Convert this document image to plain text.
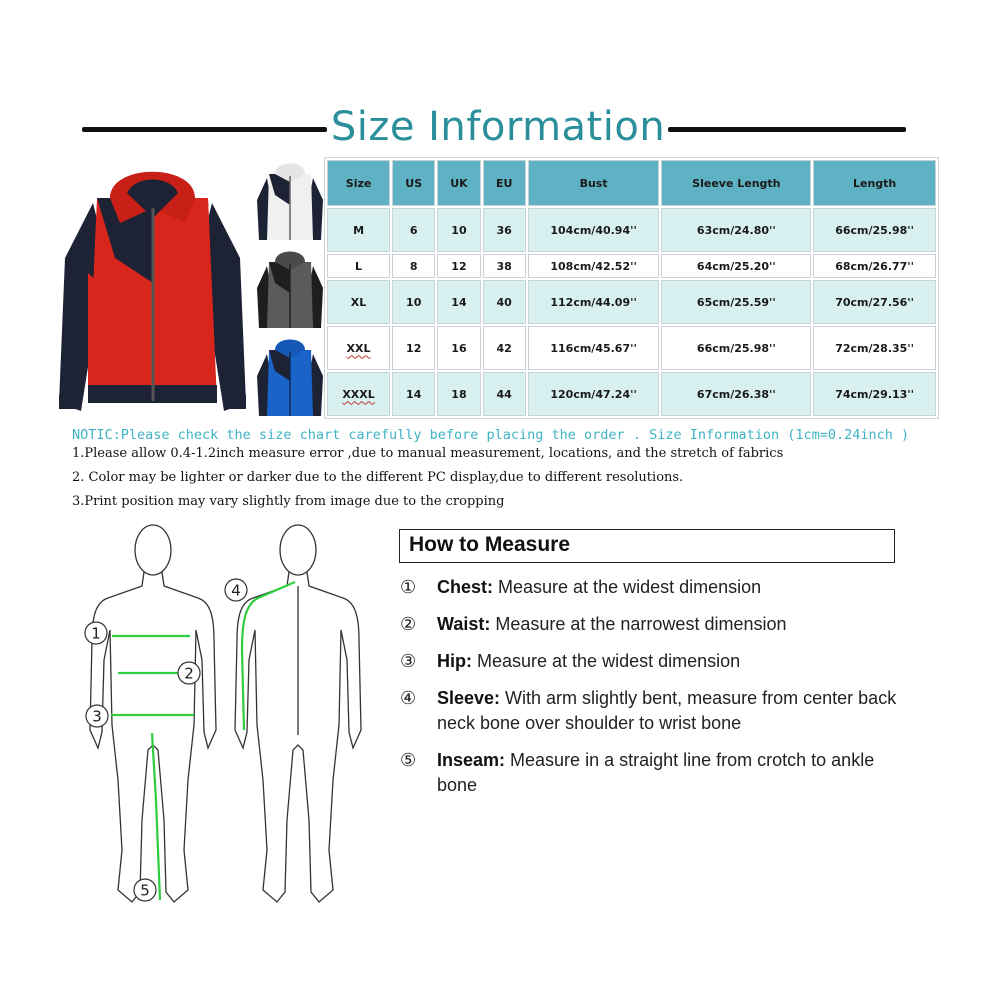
Size Information
Size	US	UK	EU	Bust	Sleeve Length	Length
M	6	10	36	104cm/40.94''	63cm/24.80''	66cm/25.98''
L	8	12	38	108cm/42.52''	64cm/25.20''	68cm/26.77''
XL	10	14	40	112cm/44.09''	65cm/25.59''	70cm/27.56''
XXL	12	16	42	116cm/45.67''	66cm/25.98''	72cm/28.35''
XXXL	14	18	44	120cm/47.24''	67cm/26.38''	74cm/29.13''
NOTIC:Please check the size chart carefully before placing the order . Size Information (1cm=0.24inch )
1.Please allow 0.4-1.2inch measure error ,due to manual measurement, locations, and the stretch of fabrics
2. Color may be lighter or darker due to the different PC display,due to different resolutions.
3.Print position may vary slightly from image due to the cropping
1
2
3
5
4
How to Measure
①	Chest: Measure at the widest dimension
②	Waist: Measure at the narrowest dimension
③	Hip: Measure at the widest dimension
④	Sleeve: With arm slightly bent, measure from center back neck bone over shoulder to wrist bone
⑤	Inseam: Measure in a straight line from crotch to ankle bone
